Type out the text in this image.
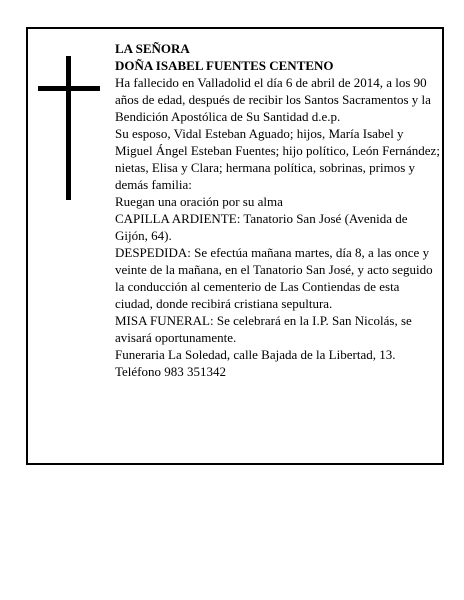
LA SEÑORA

DOÑA ISABEL FUENTES CENTENO

Ha fallecido en Valladolid el día 6 de abril de 2014, a los 90 años de edad, después de recibir los Santos Sacramentos y la Bendición Apostólica de Su Santidad d.e.p.

Su esposo, Vidal Esteban Aguado; hijos, María Isabel y Miguel Ángel Esteban Fuentes; hijo político, León Fernández; nietas, Elisa y Clara; hermana política, sobrinas, primos y demás familia:

Ruegan una oración por su alma

CAPILLA ARDIENTE: Tanatorio San José (Avenida de Gijón, 64).

DESPEDIDA: Se efectúa mañana martes, día 8, a las once y veinte de la mañana, en el Tanatorio San José, y acto seguido la conducción al cementerio de Las Contiendas de esta ciudad, donde recibirá cristiana sepultura.

MISA FUNERAL: Se celebrará en la I.P. San Nicolás, se avisará oportunamente.

Funeraria La Soledad, calle Bajada de la Libertad, 13. Teléfono 983 351342
